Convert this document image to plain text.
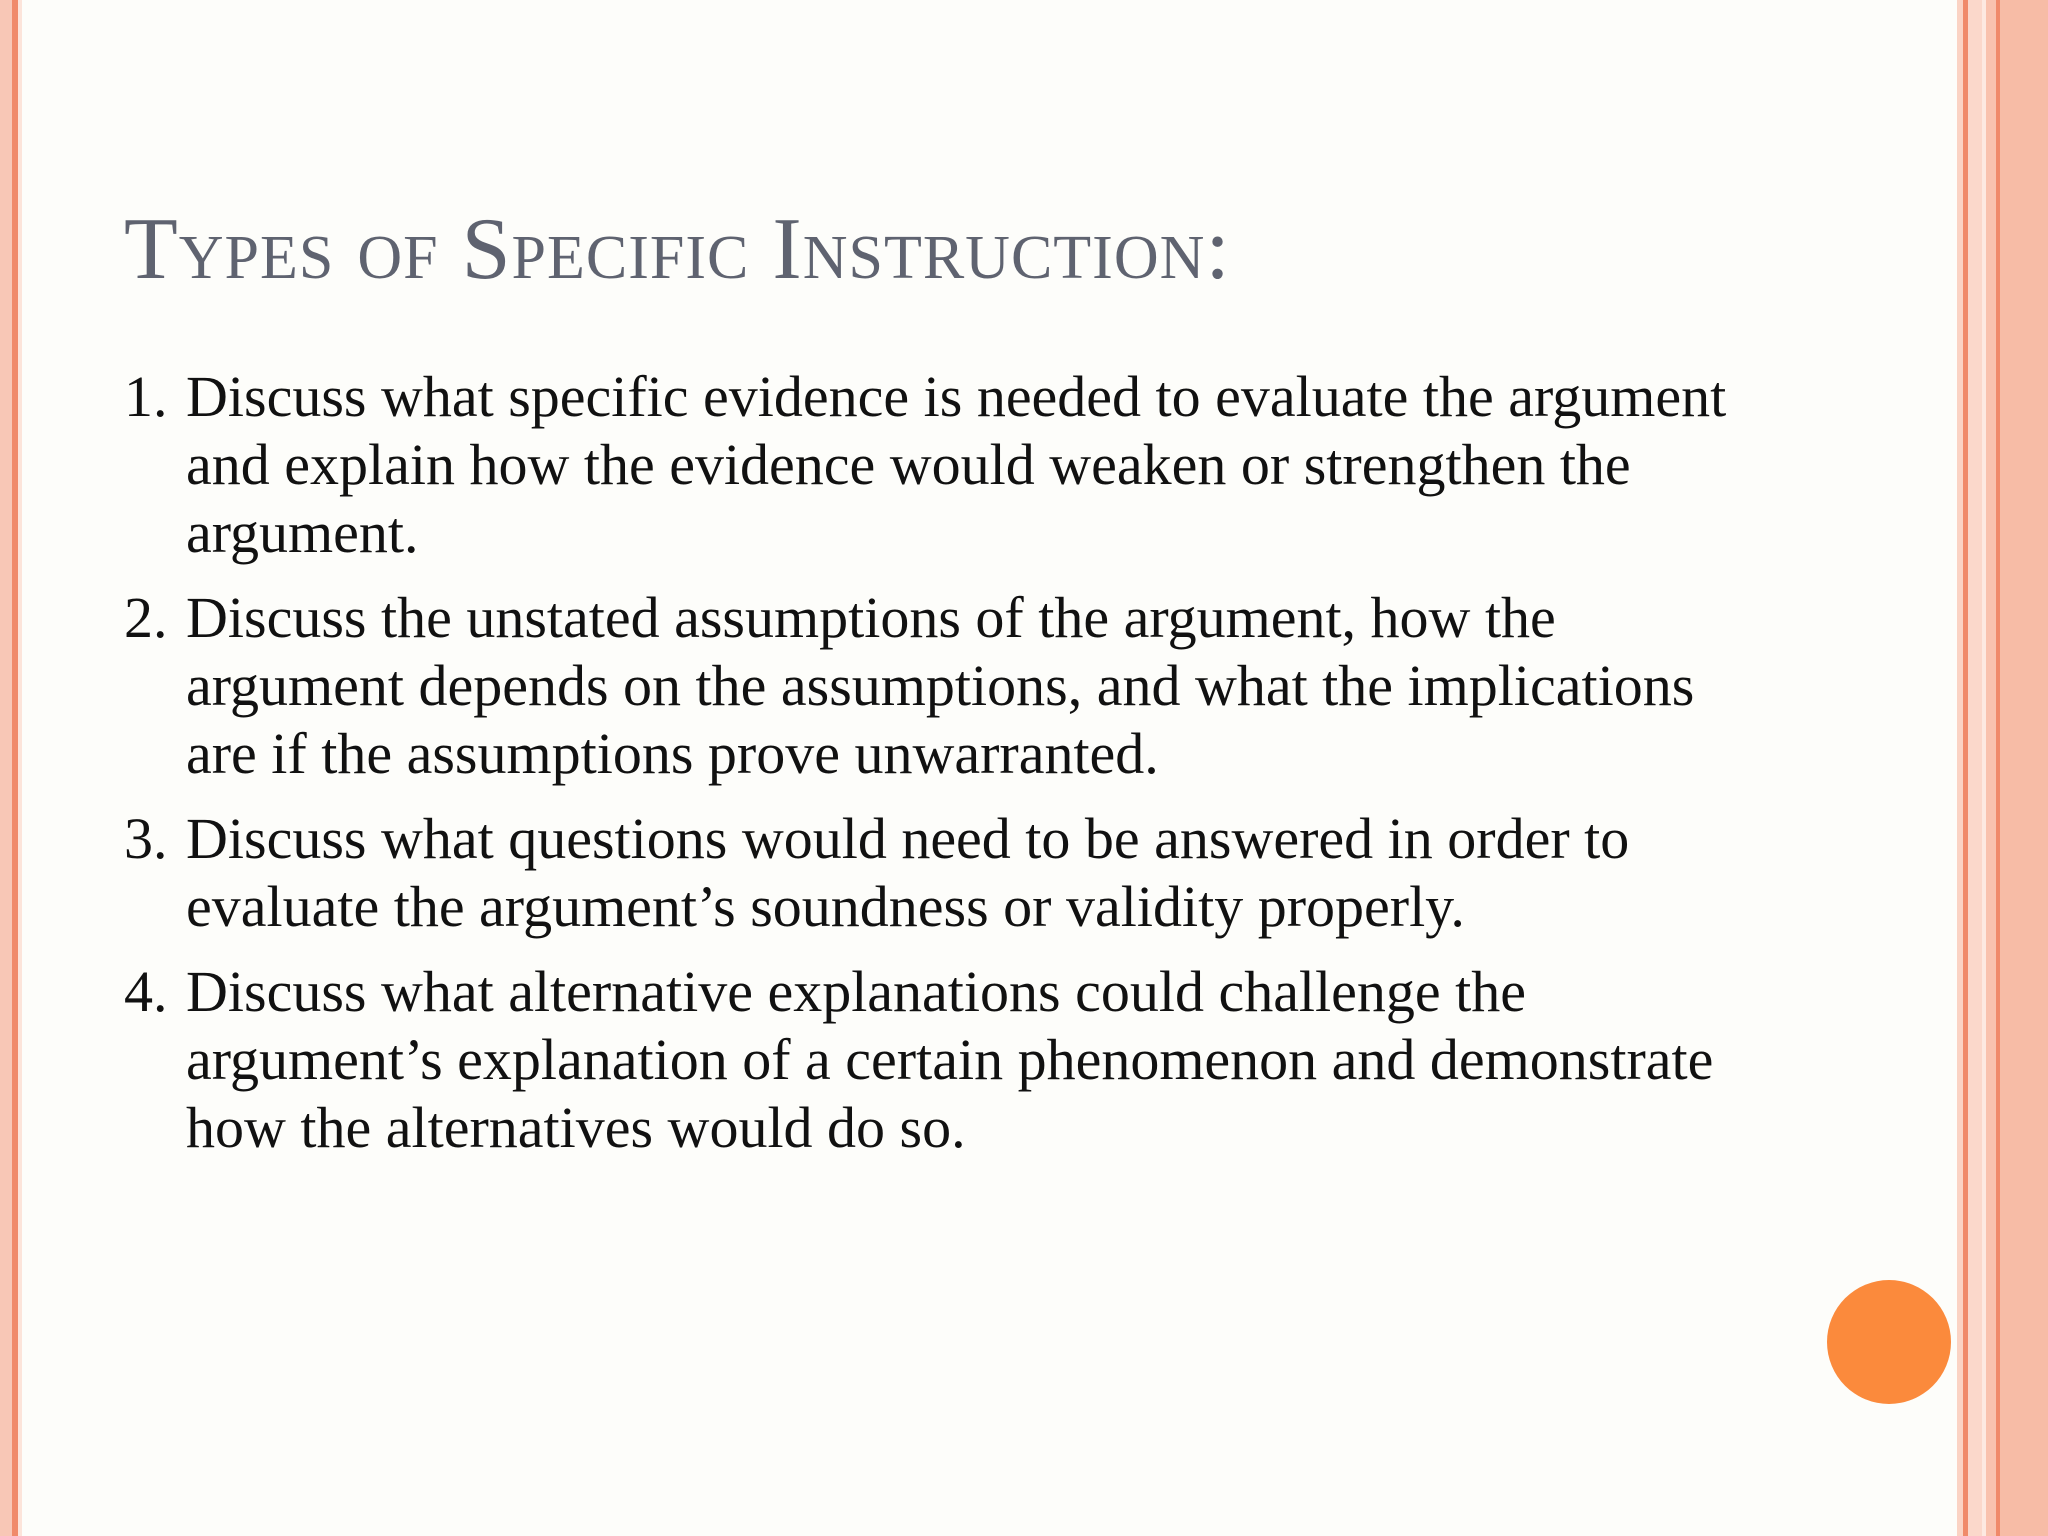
Types of Specific Instruction:
1. Discuss what specific evidence is needed to evaluate the argument and explain how the evidence would weaken or strengthen the argument.
2. Discuss the unstated assumptions of the argument, how the argument depends on the assumptions, and what the implications are if the assumptions prove unwarranted.
3. Discuss what questions would need to be answered in order to evaluate the argument’s soundness or validity properly.
4. Discuss what alternative explanations could challenge the argument’s explanation of a certain phenomenon and demonstrate how the alternatives would do so.
